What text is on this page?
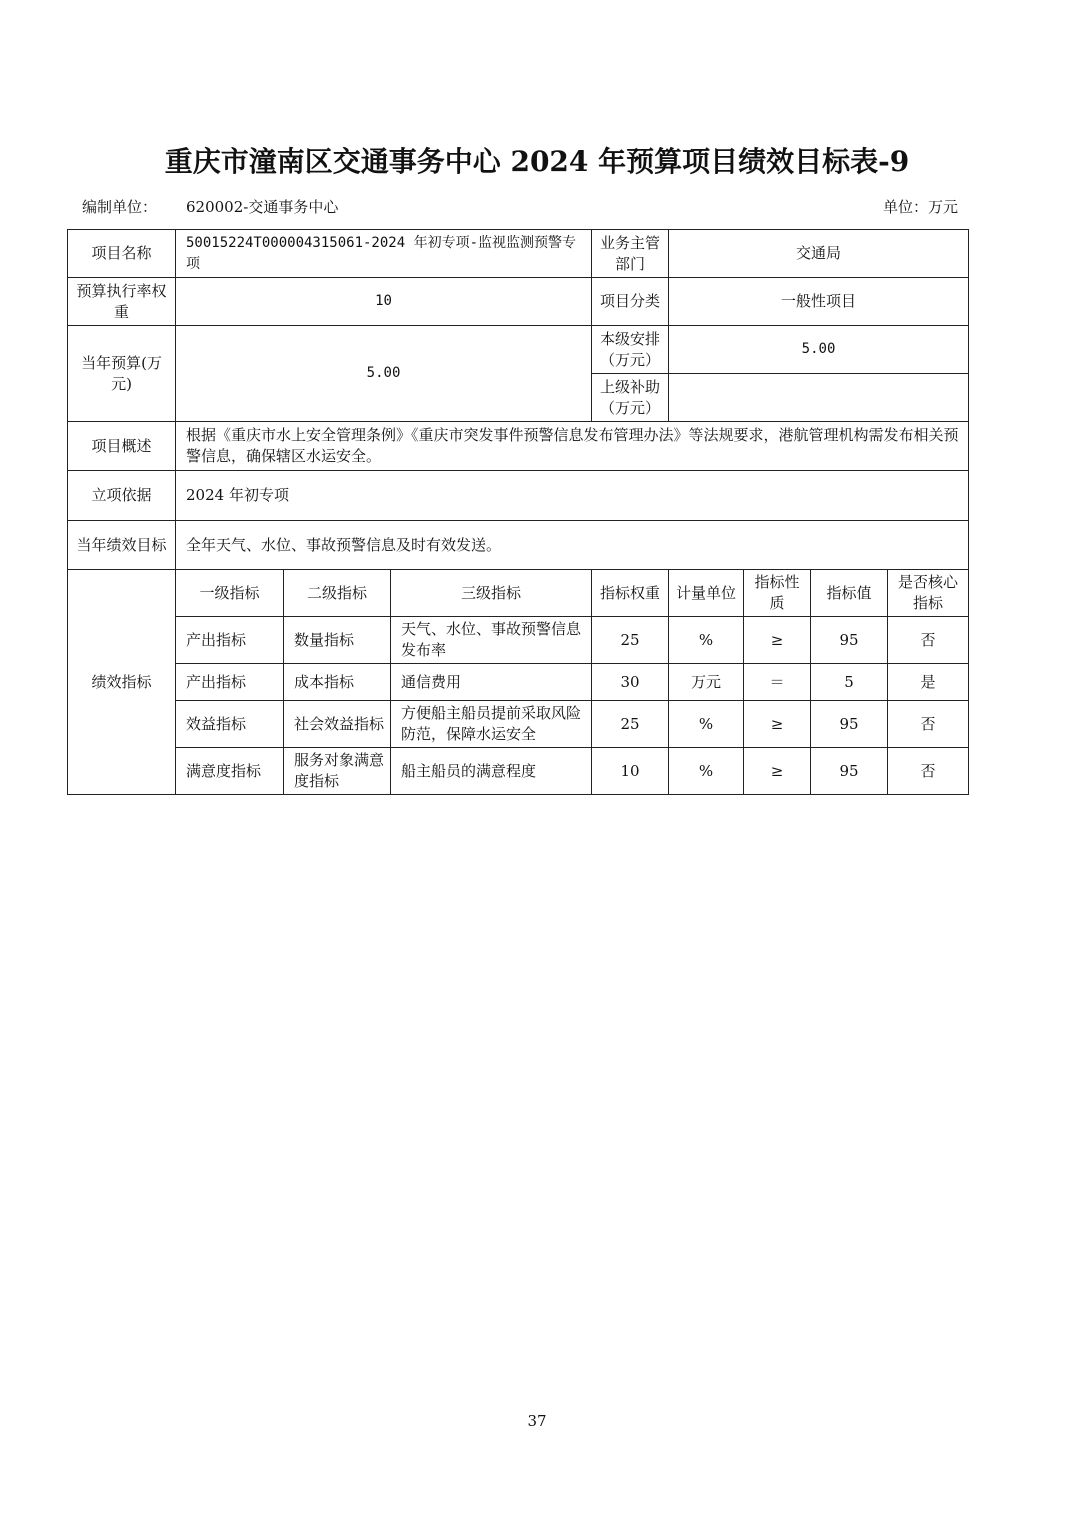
重庆市潼南区交通事务中心 2024 年预算项目绩效目标表-9
编制单位： 620002-交通事务中心	单位：万元
项目名称	50015224T000004315061-2024 年初专项-监视监测预警专项			业务主管部门	交通局			
预算执行率权重	10			项目分类	一般性项目			
当年预算(万元)	5.00			本级安排（万元）	5.00			
				上级补助（万元）				
项目概述	根据《重庆市水上安全管理条例》《重庆市突发事件预警信息发布管理办法》等法规要求，港航管理机构需发布相关预警信息，确保辖区水运安全。							
立项依据	2024 年初专项							
当年绩效目标	全年天气、水位、事故预警信息及时有效发送。							
绩效指标	一级指标	二级指标	三级指标	指标权重	计量单位	指标性质	指标值	是否核心指标
	产出指标	数量指标	天气、水位、事故预警信息发布率	25	%	≥	95	否
	产出指标	成本指标	通信费用	30	万元	＝	5	是
	效益指标	社会效益指标	方便船主船员提前采取风险防范，保障水运安全	25	%	≥	95	否
	满意度指标	服务对象满意度指标	船主船员的满意程度	10	%	≥	95	否
37
